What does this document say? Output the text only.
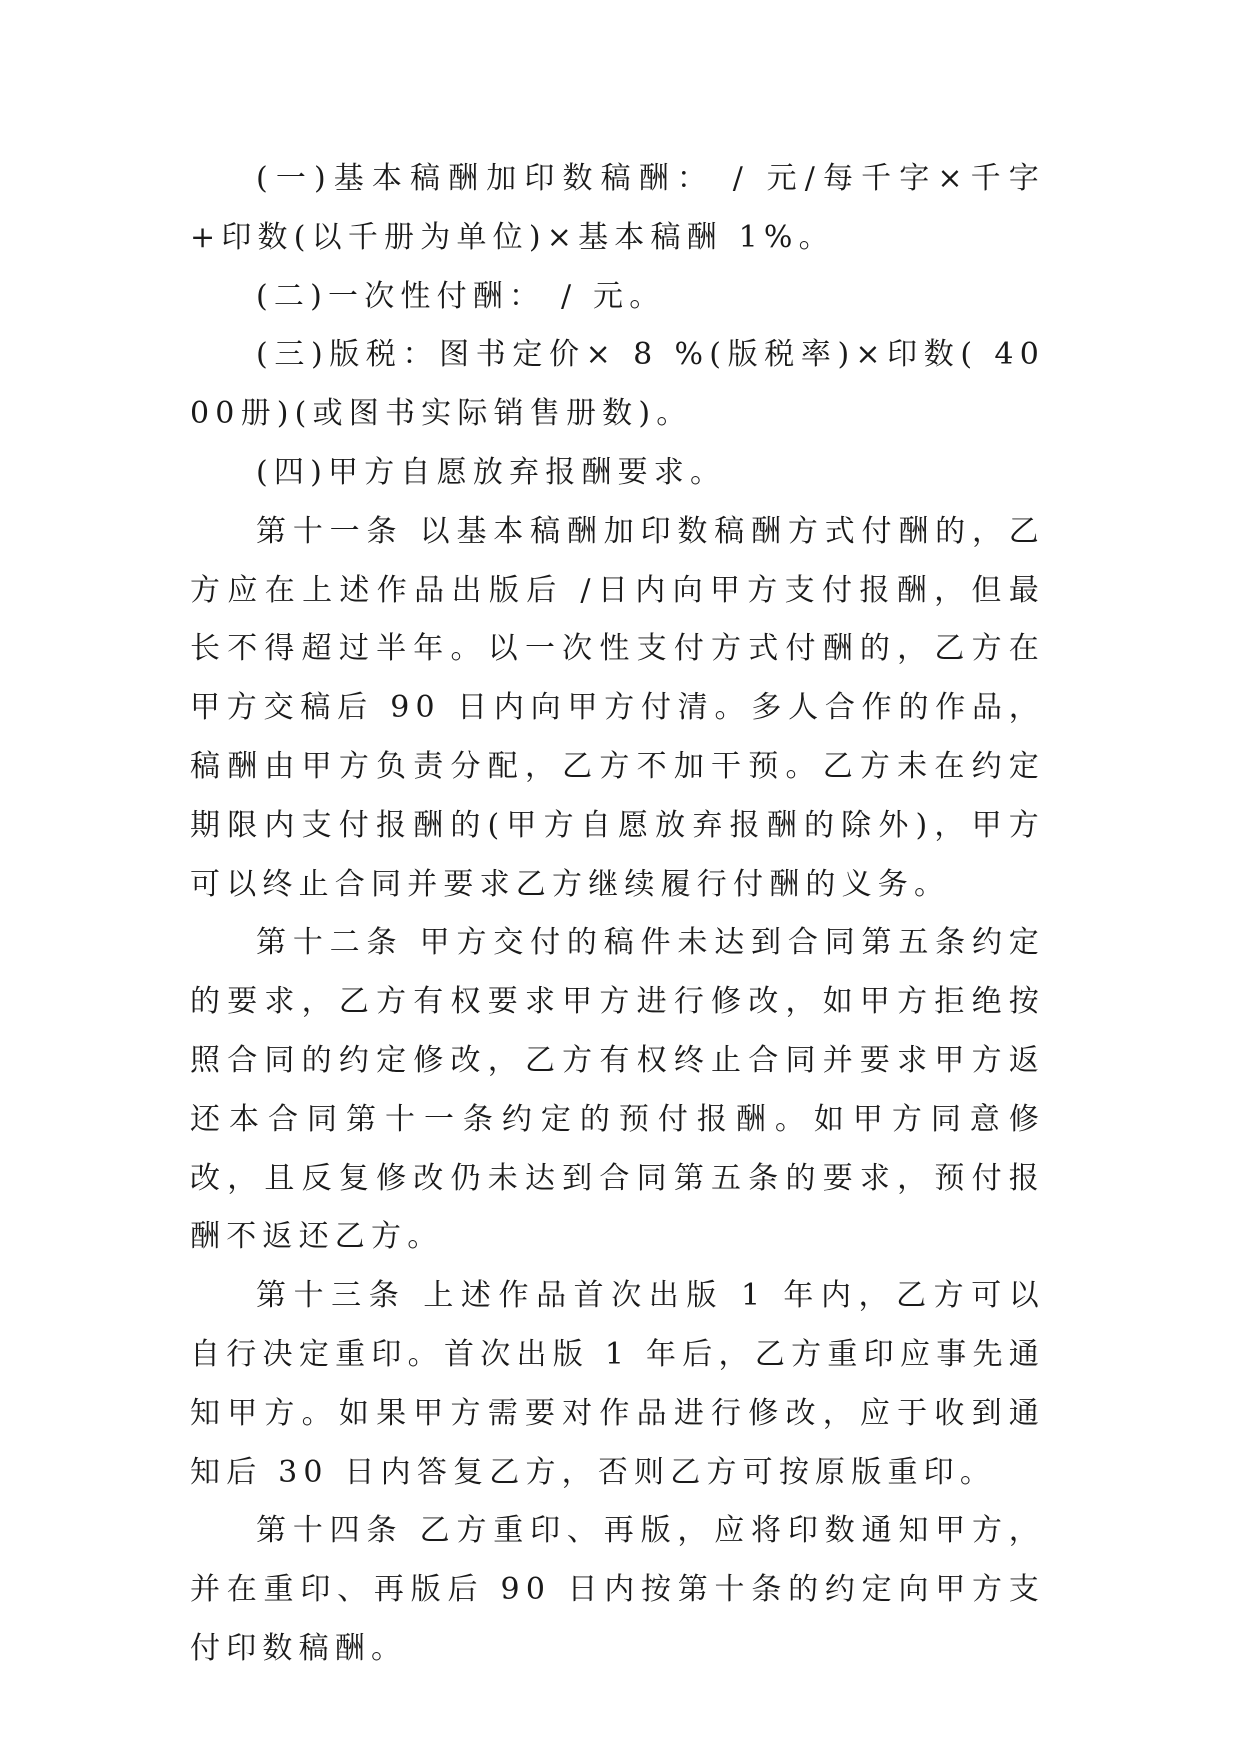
(一)基本稿酬加印数稿酬： / 元/每千字×千字+印数(以千册为单位)×基本稿酬 1%。

(二)一次性付酬： / 元。

(三)版税：图书定价× 8 %(版税率)×印数( 4000册)(或图书实际销售册数)。

(四)甲方自愿放弃报酬要求。

第十一条 以基本稿酬加印数稿酬方式付酬的，乙方应在上述作品出版后 /日内向甲方支付报酬，但最长不得超过半年。以一次性支付方式付酬的，乙方在甲方交稿后 90 日内向甲方付清。多人合作的作品，稿酬由甲方负责分配，乙方不加干预。乙方未在约定期限内支付报酬的(甲方自愿放弃报酬的除外)，甲方可以终止合同并要求乙方继续履行付酬的义务。

第十二条 甲方交付的稿件未达到合同第五条约定的要求，乙方有权要求甲方进行修改，如甲方拒绝按照合同的约定修改，乙方有权终止合同并要求甲方返还本合同第十一条约定的预付报酬。如甲方同意修改，且反复修改仍未达到合同第五条的要求，预付报酬不返还乙方。

第十三条 上述作品首次出版 1 年内，乙方可以自行决定重印。首次出版 1 年后，乙方重印应事先通知甲方。如果甲方需要对作品进行修改，应于收到通知后 30 日内答复乙方，否则乙方可按原版重印。

第十四条 乙方重印、再版，应将印数通知甲方，并在重印、再版后 90 日内按第十条的约定向甲方支付印数稿酬。
